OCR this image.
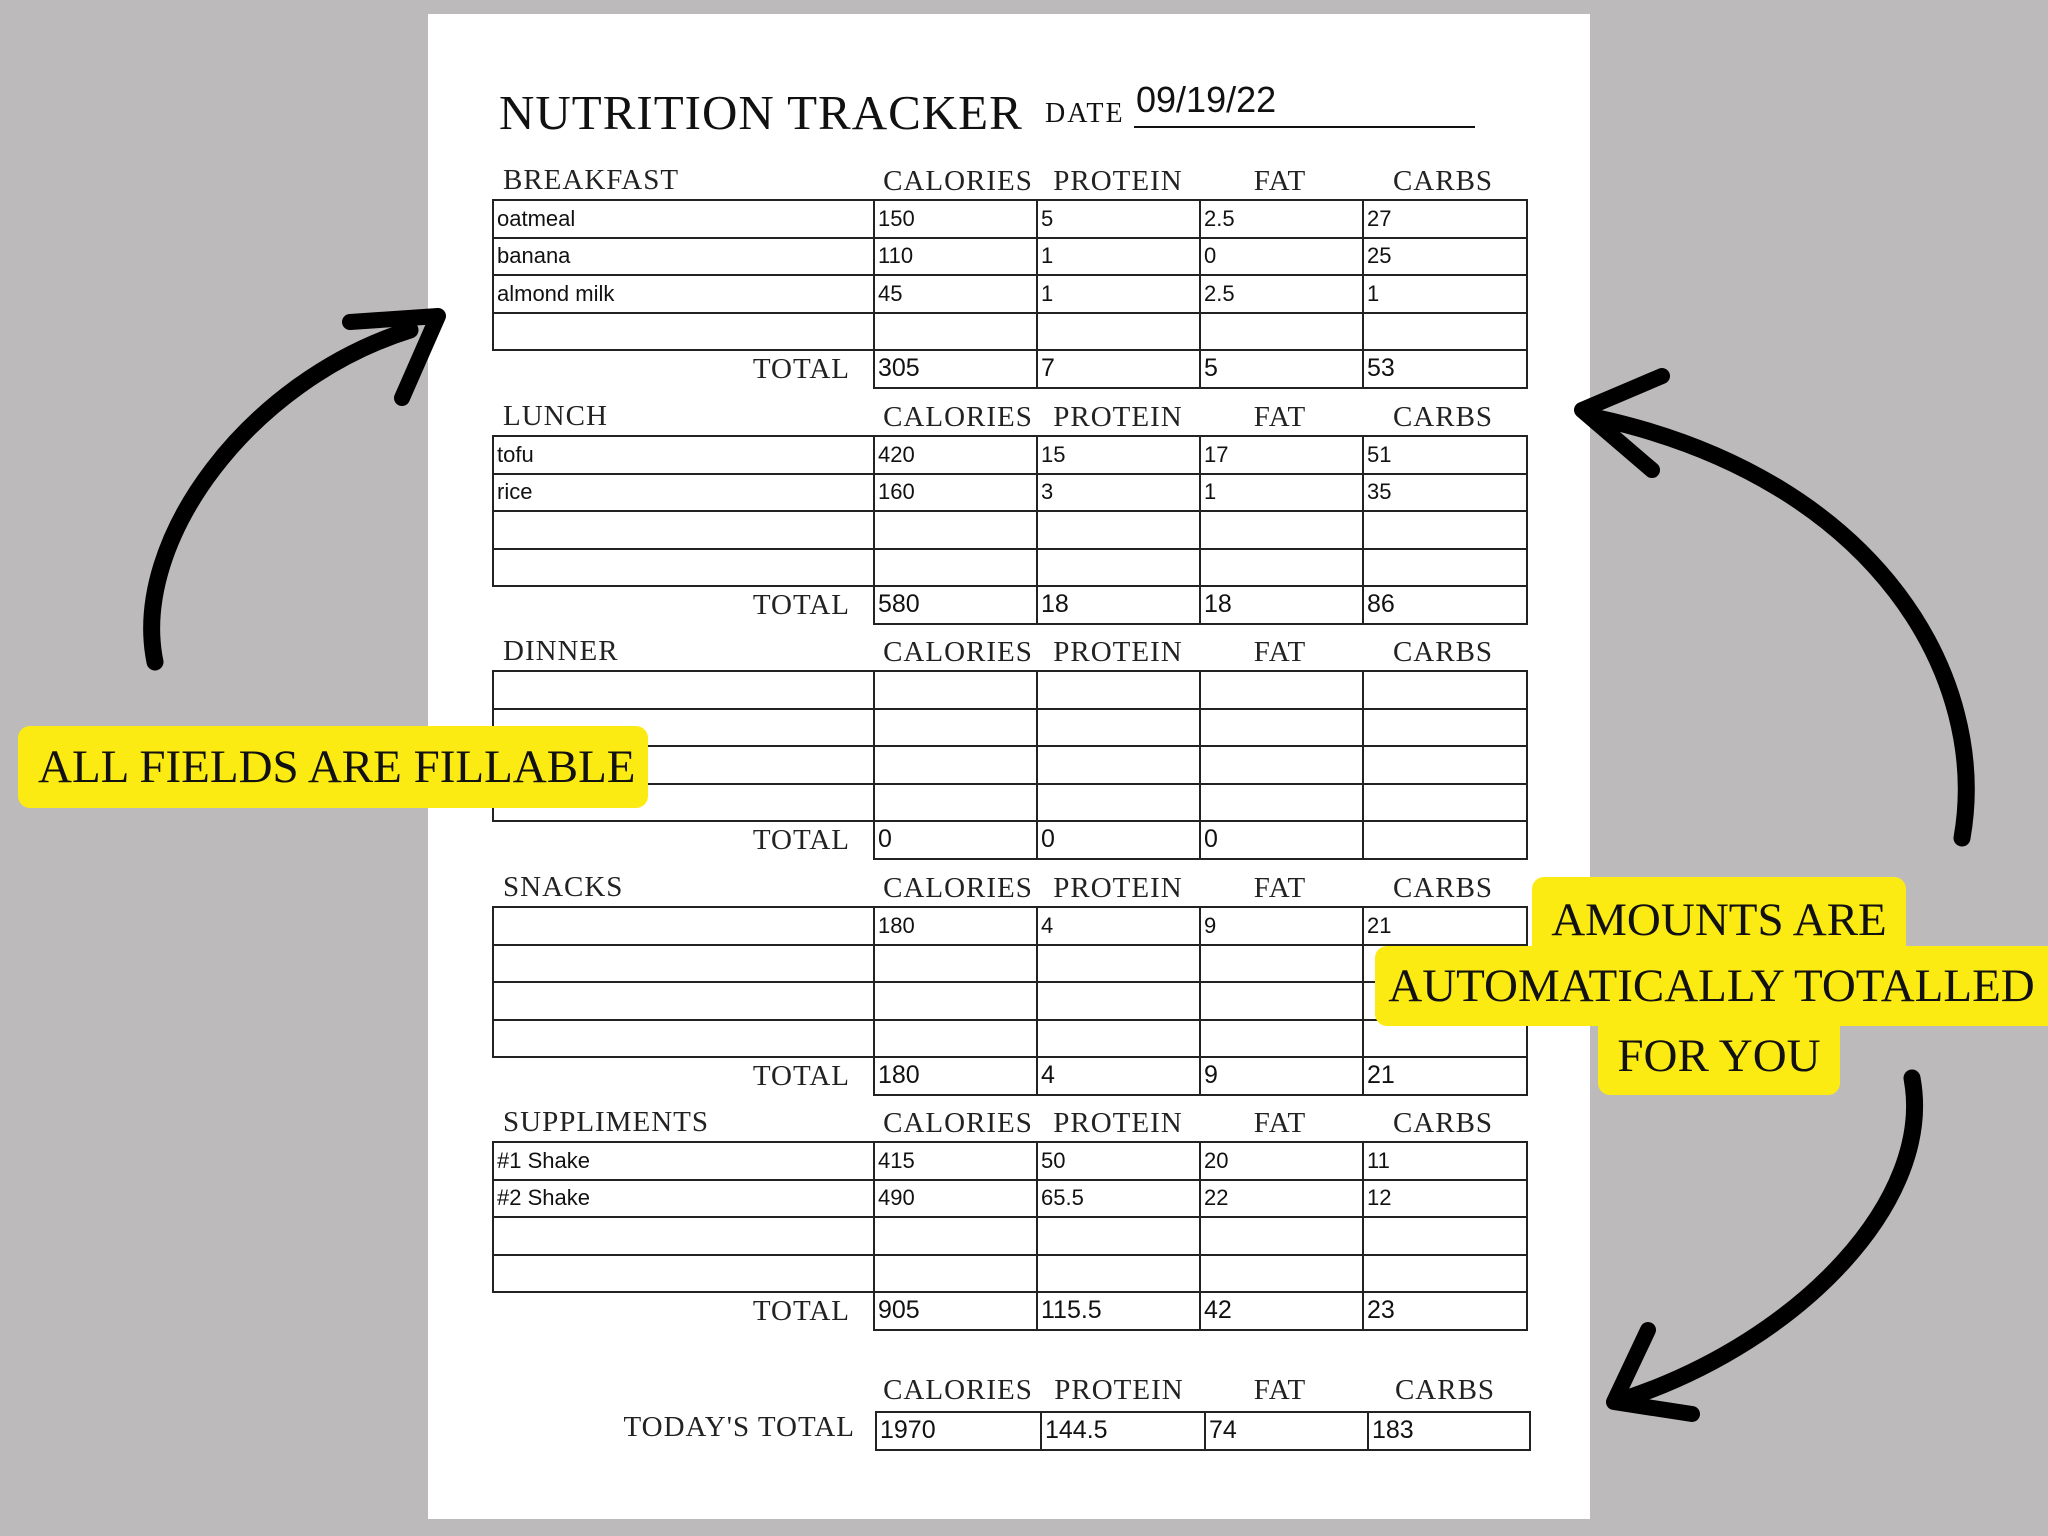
NUTRITION TRACKER DATE 09/19/22
BREAKFAST	CALORIES PROTEIN	FAT	CARBS
oatmeal	150	5	2.5	27
banana	110	1	0	25
almond milk	45	1	2.5	1

TOTAL 305	7	5	53
LUNCH	CALORIES PROTEIN	FAT	CARBS
tofu	420	15	17	51
rice	160	3	1	35

TOTAL 580	18	18	86
DINNER	CALORIES PROTEIN	FAT	CARBS

TOTAL 0	0	0	
SNACKS	CALORIES PROTEIN	FAT	CARBS
	180	4	9	21

TOTAL 180	4	9	21
SUPPLIMENTS	CALORIES PROTEIN	FAT	CARBS
#1 Shake	415	50	20	11
#2 Shake	490	65.5	22	12

TOTAL 905	115.5	42	23
CALORIES PROTEIN	FAT	CARBS
TODAY'S TOTAL 1970	144.5	74	183
ALL FIELDS ARE FILLABLE
AMOUNTS ARE
AUTOMATICALLY TOTALLED
FOR YOU
